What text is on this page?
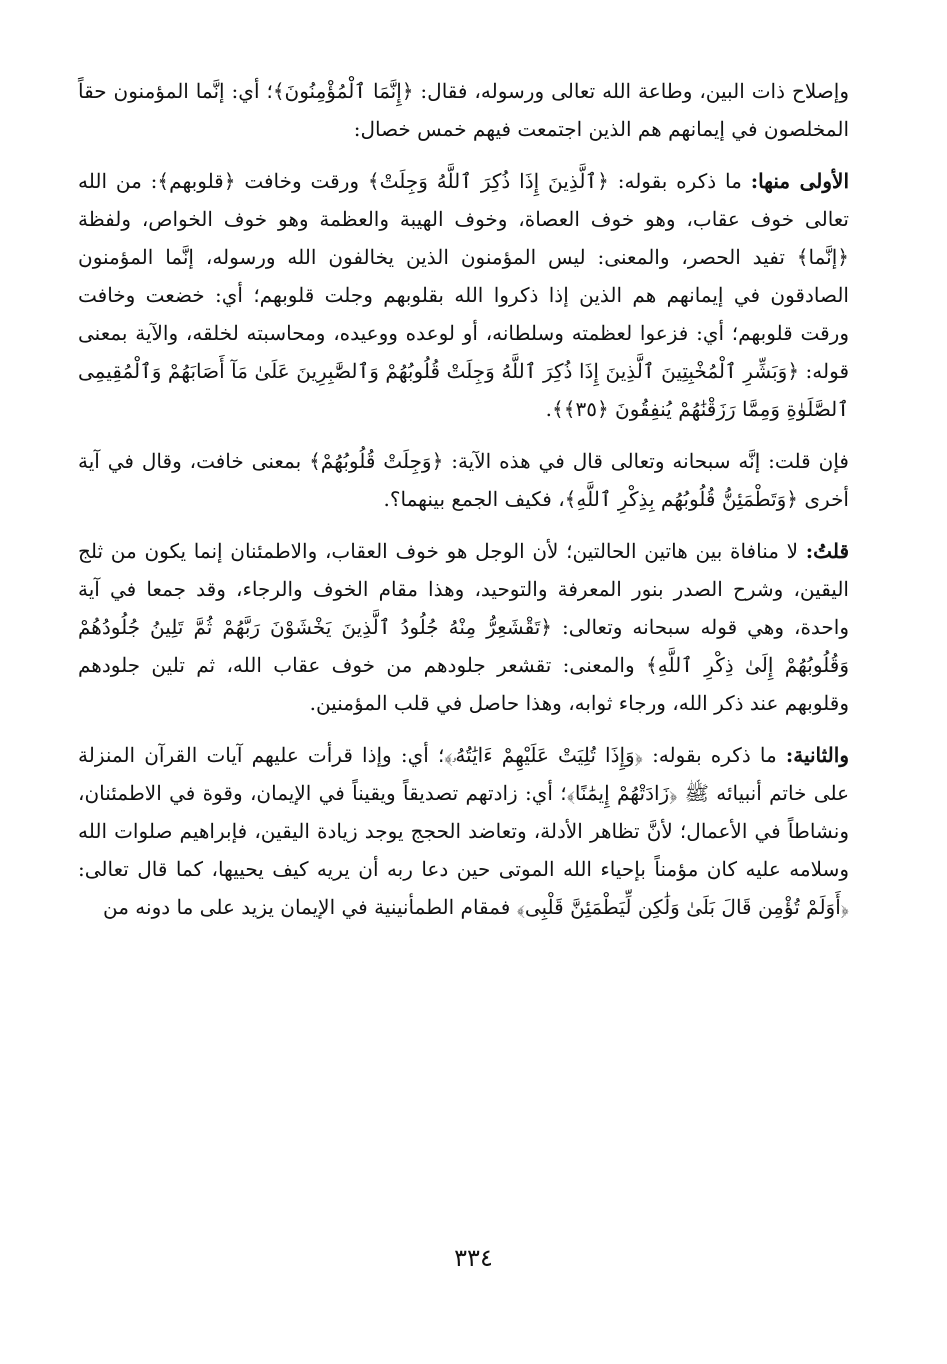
وإصلاح ذات البين، وطاعة الله تعالى ورسوله، فقال: ﴿إِنَّمَا ٱلْمُؤْمِنُونَ﴾؛ أي: إنَّما المؤمنون حقاً المخلصون في إيمانهم هم الذين اجتمعت فيهم خمس خصال:

الأولى منها: ما ذكره بقوله: ﴿ٱلَّذِينَ إِذَا ذُكِرَ ٱللَّهُ وَجِلَتْ﴾ ورقت وخافت ﴿قلوبهم﴾: من الله تعالى خوف عقاب، وهو خوف العصاة، وخوف الهيبة والعظمة وهو خوف الخواص، ولفظة ﴿إنَّما﴾ تفيد الحصر، والمعنى: ليس المؤمنون الذين يخالفون الله ورسوله، إنَّما المؤمنون الصادقون في إيمانهم هم الذين إذا ذكروا الله بقلوبهم وجلت قلوبهم؛ أي: خضعت وخافت ورقت قلوبهم؛ أي: فزعوا لعظمته وسلطانه، أو لوعده ووعيده، ومحاسبته لخلقه، والآية بمعنى قوله: ﴿وَبَشِّرِ ٱلْمُخْبِتِينَ ٱلَّذِينَ إِذَا ذُكِرَ ٱللَّهُ وَجِلَتْ قُلُوبُهُمْ وَٱلصَّٰبِرِينَ عَلَىٰ مَآ أَصَابَهُمْ وَٱلْمُقِيمِى ٱلصَّلَوٰةِ وَمِمَّا رَزَقْنَٰهُمْ يُنفِقُونَ ﴿٣٥﴾﴾.

فإن قلت: إنَّه سبحانه وتعالى قال في هذه الآية: ﴿وَجِلَتْ قُلُوبُهُمْ﴾ بمعنى خافت، وقال في آية أخرى ﴿وَتَطْمَئِنُّ قُلُوبُهُم بِذِكْرِ ٱللَّهِ﴾، فكيف الجمع بينهما؟.

قلتُ: لا منافاة بين هاتين الحالتين؛ لأن الوجل هو خوف العقاب، والاطمئنان إنما يكون من ثلج اليقين، وشرح الصدر بنور المعرفة والتوحيد، وهذا مقام الخوف والرجاء، وقد جمعا في آية واحدة، وهي قوله سبحانه وتعالى: ﴿تَقْشَعِرُّ مِنْهُ جُلُودُ ٱلَّذِينَ يَخْشَوْنَ رَبَّهُمْ ثُمَّ تَلِينُ جُلُودُهُمْ وَقُلُوبُهُمْ إِلَىٰ ذِكْرِ ٱللَّهِ﴾ والمعنى: تقشعر جلودهم من خوف عقاب الله، ثم تلين جلودهم وقلوبهم عند ذكر الله، ورجاء ثوابه، وهذا حاصل في قلب المؤمنين.

والثانية: ما ذكره بقوله: ﴿وَإِذَا تُلِيَتْ عَلَيْهِمْ ءَايَٰتُهُۥ﴾؛ أي: وإذا قرأت عليهم آيات القرآن المنزلة على خاتم أنبيائه ﷺ ﴿زَادَتْهُمْ إِيمَٰنًا﴾؛ أي: زادتهم تصديقاً ويقيناً في الإيمان، وقوة في الاطمئنان، ونشاطاً في الأعمال؛ لأنَّ تظاهر الأدلة، وتعاضد الحجج يوجد زيادة اليقين، فإبراهيم صلوات الله وسلامه عليه كان مؤمناً بإحياء الله الموتى حين دعا ربه أن يريه كيف يحييها، كما قال تعالى: ﴿أَوَلَمْ تُؤْمِن قَالَ بَلَىٰ وَلَٰكِن لِّيَطْمَئِنَّ قَلْبِى﴾ فمقام الطمأنينية في الإيمان يزيد على ما دونه من

٣٣٤
